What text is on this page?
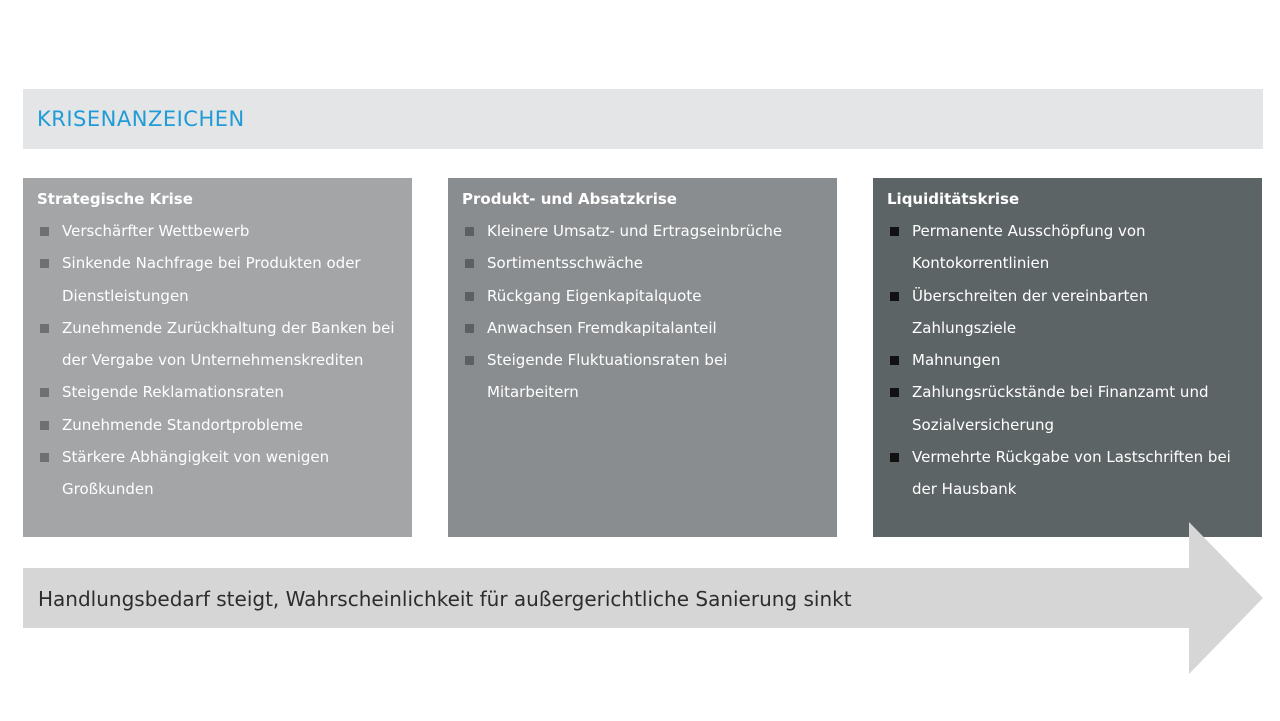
KRISENANZEICHEN
Strategische Krise
Verschärfter Wettbewerb
Sinkende Nachfrage bei Produkten oder Dienstleistungen
Zunehmende Zurückhaltung der Banken bei der Vergabe von Unternehmenskrediten
Steigende Reklamationsraten
Zunehmende Standortprobleme
Stärkere Abhängigkeit von wenigen Großkunden
Produkt- und Absatzkrise
Kleinere Umsatz- und Ertragseinbrüche
Sortimentsschwäche
Rückgang Eigenkapitalquote
Anwachsen Fremdkapitalanteil
Steigende Fluktuationsraten bei Mitarbeitern
Liquiditätskrise
Permanente Ausschöpfung von Kontokorrentlinien
Überschreiten der vereinbarten Zahlungsziele
Mahnungen
Zahlungsrückstände bei Finanzamt und Sozialversicherung
Vermehrte Rückgabe von Lastschriften bei der Hausbank
Handlungsbedarf steigt, Wahrscheinlichkeit für außergerichtliche Sanierung sinkt
